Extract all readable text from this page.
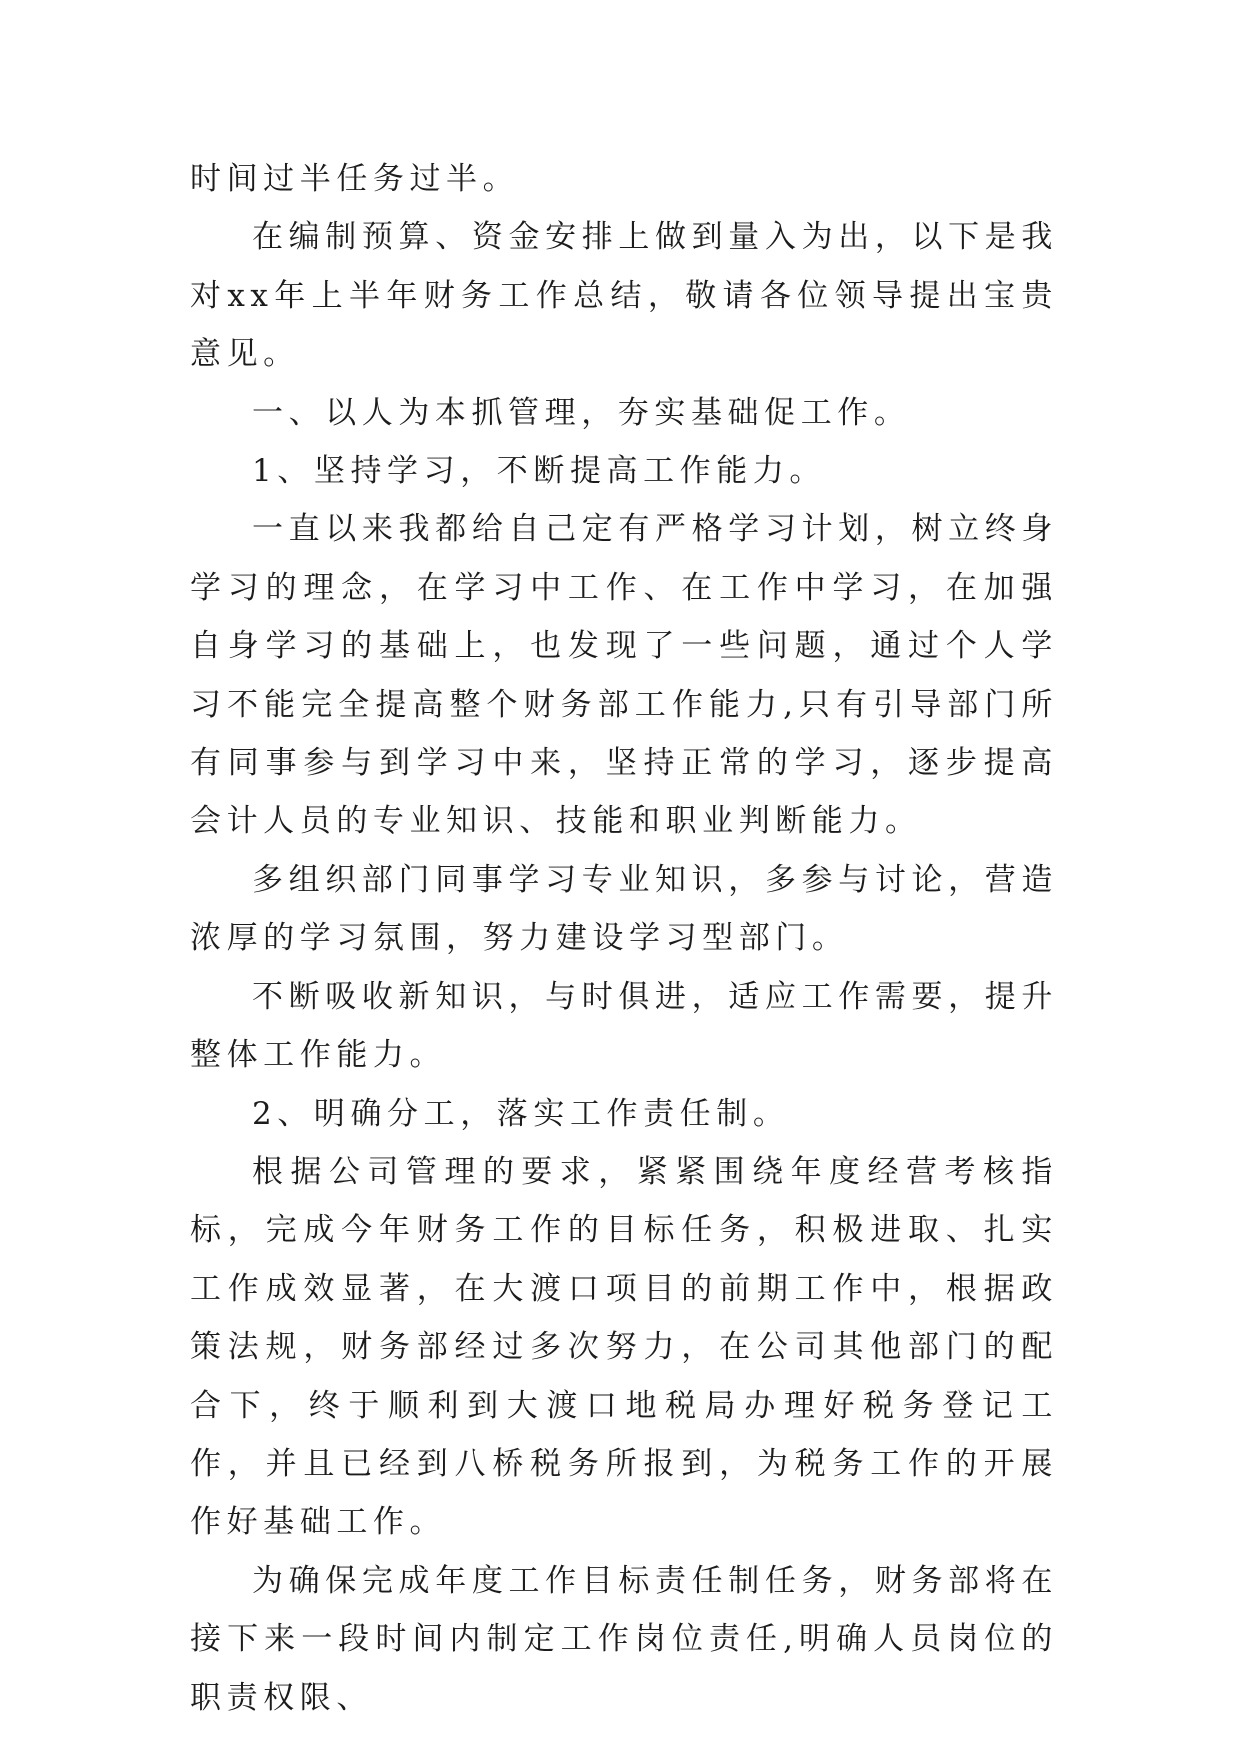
时间过半任务过半。

在编制预算、资金安排上做到量入为出，以下是我对xx年上半年财务工作总结，敬请各位领导提出宝贵意见。

一、以人为本抓管理，夯实基础促工作。

1、坚持学习，不断提高工作能力。

一直以来我都给自己定有严格学习计划，树立终身学习的理念，在学习中工作、在工作中学习，在加强自身学习的基础上，也发现了一些问题，通过个人学习不能完全提高整个财务部工作能力,只有引导部门所有同事参与到学习中来，坚持正常的学习，逐步提高会计人员的专业知识、技能和职业判断能力。

多组织部门同事学习专业知识，多参与讨论，营造浓厚的学习氛围，努力建设学习型部门。

不断吸收新知识，与时俱进，适应工作需要，提升整体工作能力。

2、明确分工，落实工作责任制。

根据公司管理的要求，紧紧围绕年度经营考核指标，完成今年财务工作的目标任务，积极进取、扎实工作成效显著，在大渡口项目的前期工作中，根据政策法规，财务部经过多次努力，在公司其他部门的配合下，终于顺利到大渡口地税局办理好税务登记工作，并且已经到八桥税务所报到，为税务工作的开展作好基础工作。

为确保完成年度工作目标责任制任务，财务部将在接下来一段时间内制定工作岗位责任,明确人员岗位的职责权限、
